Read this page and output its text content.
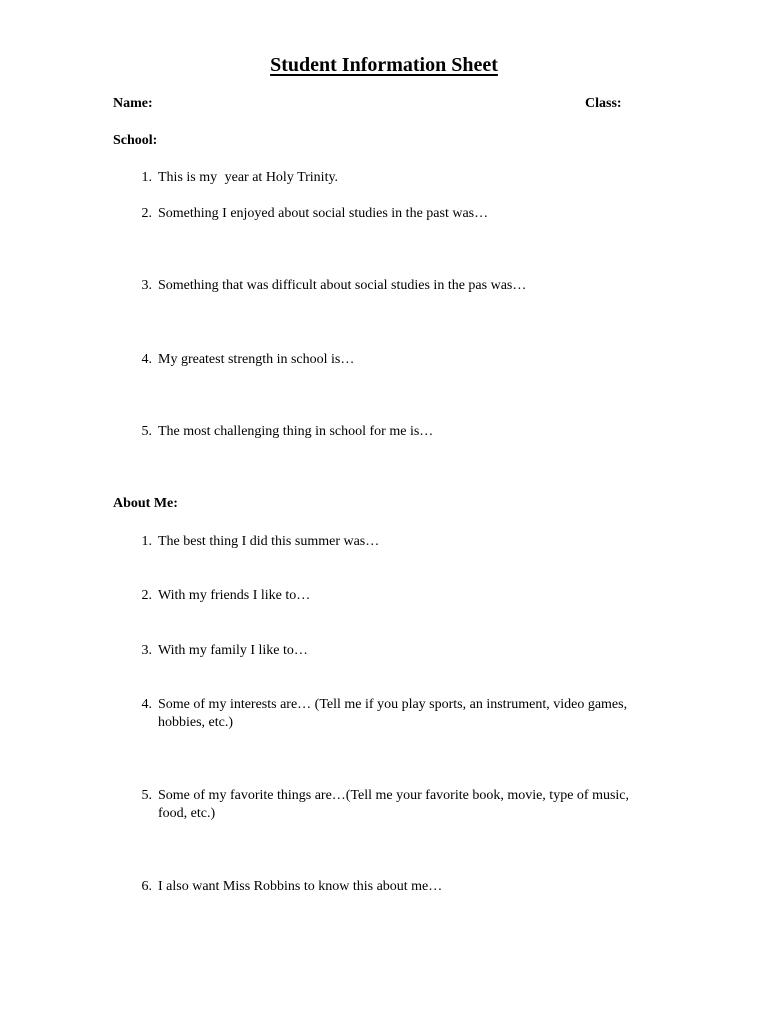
Student Information Sheet
Name:	Class:
School:
1. This is my year at Holy Trinity.
2. Something I enjoyed about social studies in the past was…
3. Something that was difficult about social studies in the pas was…
4. My greatest strength in school is…
5. The most challenging thing in school for me is…
About Me:
1. The best thing I did this summer was…
2. With my friends I like to…
3. With my family I like to…
4. Some of my interests are… (Tell me if you play sports, an instrument, video games, hobbies, etc.)
5. Some of my favorite things are…(Tell me your favorite book, movie, type of music, food, etc.)
6. I also want Miss Robbins to know this about me…
